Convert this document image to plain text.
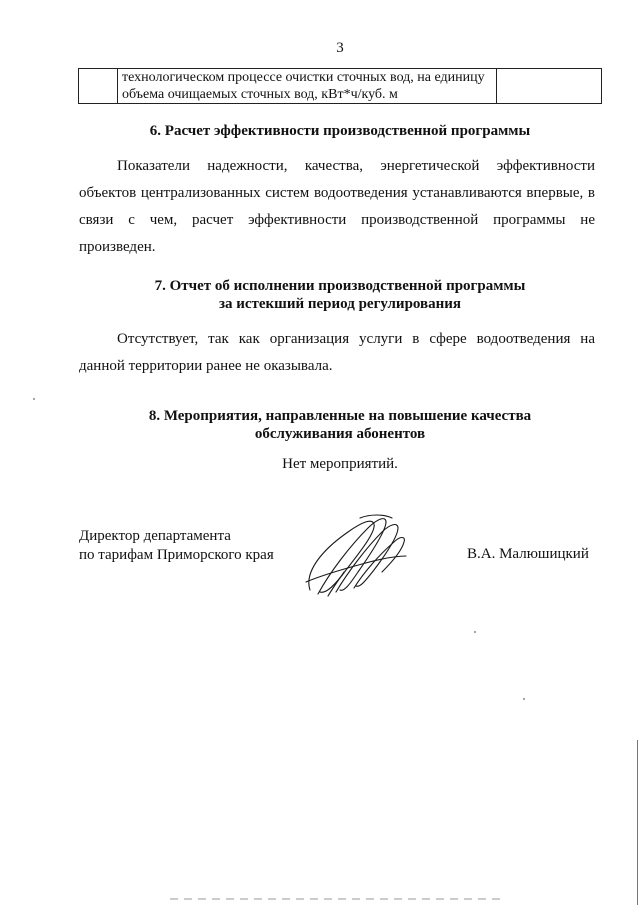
3
	технологическом процессе очистки сточных вод, на единицу объема очищаемых сточных вод, кВт*ч/куб. м	
6. Расчет эффективности производственной программы
Показатели надежности, качества, энергетической эффективности объектов централизованных систем водоотведения устанавливаются впервые, в связи с чем, расчет эффективности производственной программы не произведен.
7. Отчет об исполнении производственной программы
за истекший период регулирования
Отсутствует, так как организация услуги в сфере водоотведения на данной территории ранее не оказывала.
8. Мероприятия, направленные на повышение качества
обслуживания абонентов
Нет мероприятий.
Директор департамента
по тарифам Приморского края	В.А. Малюшицкий
